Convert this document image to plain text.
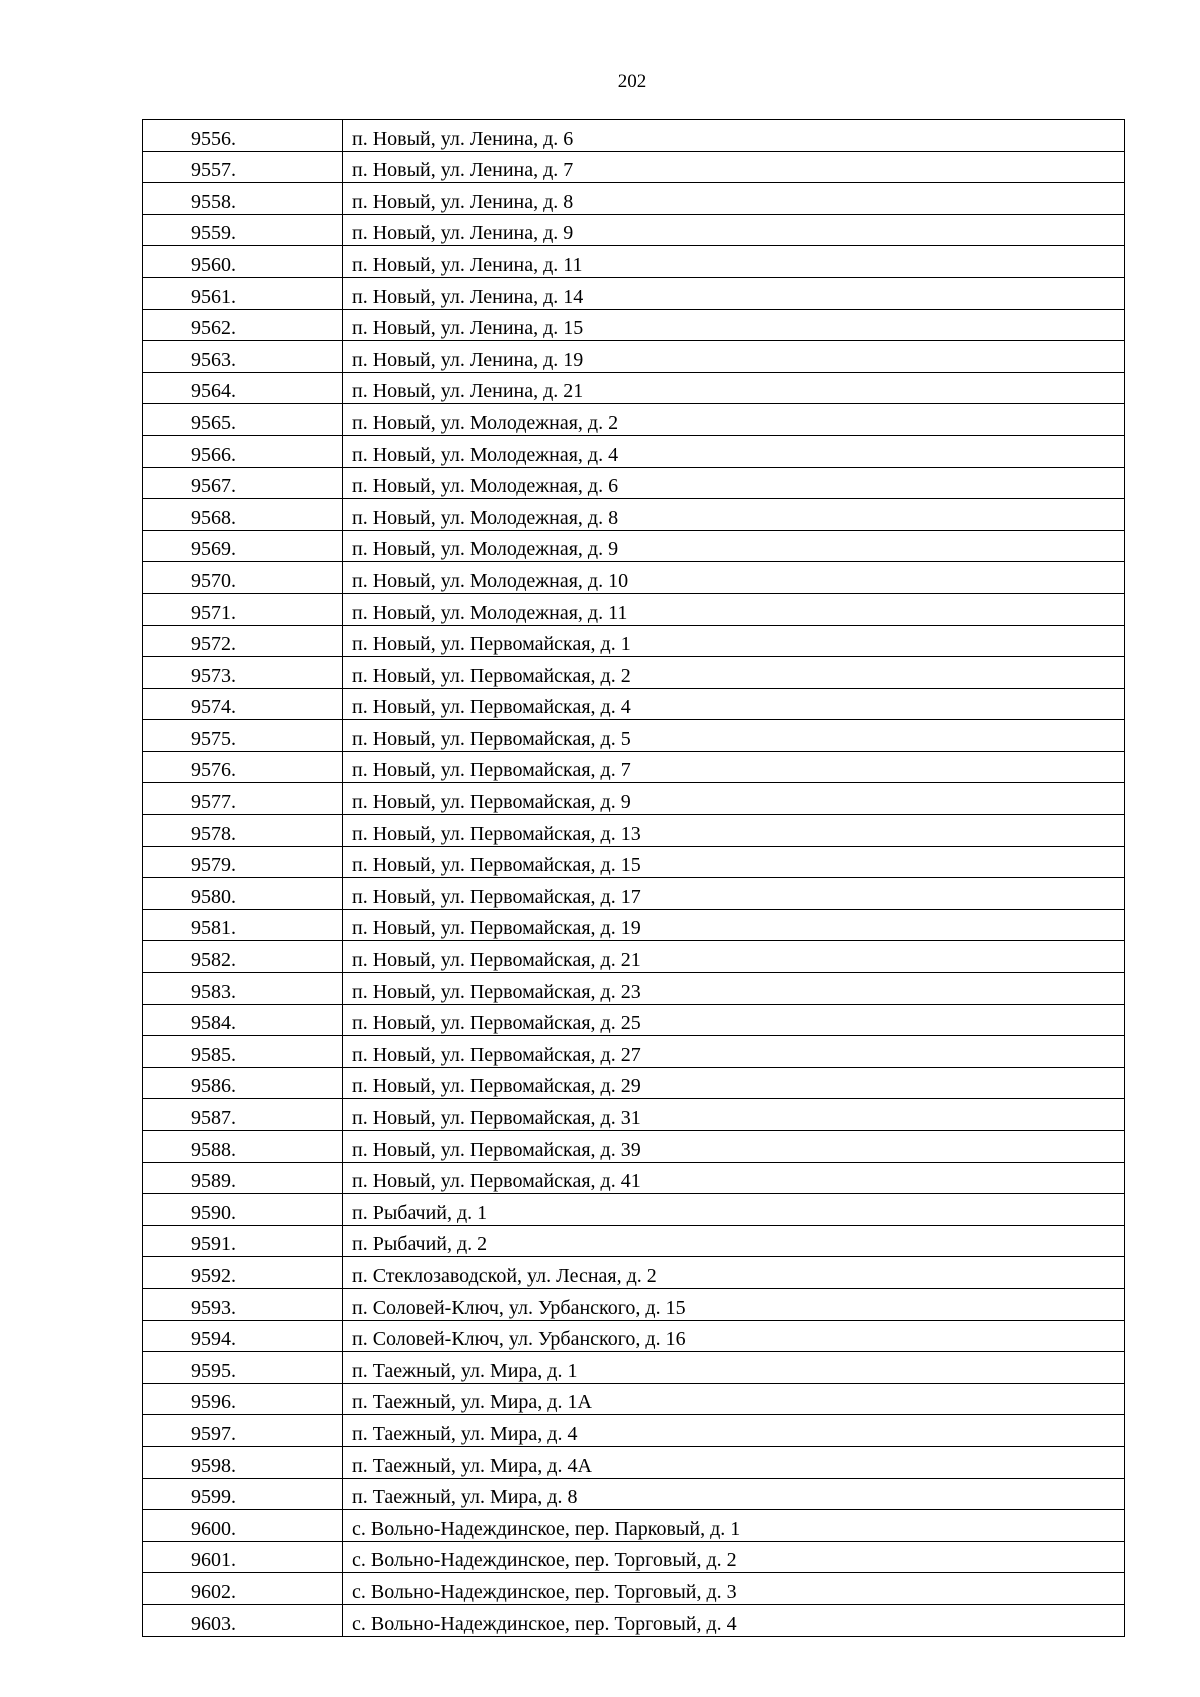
202
9556.	п. Новый, ул. Ленина, д. 6
9557.	п. Новый, ул. Ленина, д. 7
9558.	п. Новый, ул. Ленина, д. 8
9559.	п. Новый, ул. Ленина, д. 9
9560.	п. Новый, ул. Ленина, д. 11
9561.	п. Новый, ул. Ленина, д. 14
9562.	п. Новый, ул. Ленина, д. 15
9563.	п. Новый, ул. Ленина, д. 19
9564.	п. Новый, ул. Ленина, д. 21
9565.	п. Новый, ул. Молодежная, д. 2
9566.	п. Новый, ул. Молодежная, д. 4
9567.	п. Новый, ул. Молодежная, д. 6
9568.	п. Новый, ул. Молодежная, д. 8
9569.	п. Новый, ул. Молодежная, д. 9
9570.	п. Новый, ул. Молодежная, д. 10
9571.	п. Новый, ул. Молодежная, д. 11
9572.	п. Новый, ул. Первомайская, д. 1
9573.	п. Новый, ул. Первомайская, д. 2
9574.	п. Новый, ул. Первомайская, д. 4
9575.	п. Новый, ул. Первомайская, д. 5
9576.	п. Новый, ул. Первомайская, д. 7
9577.	п. Новый, ул. Первомайская, д. 9
9578.	п. Новый, ул. Первомайская, д. 13
9579.	п. Новый, ул. Первомайская, д. 15
9580.	п. Новый, ул. Первомайская, д. 17
9581.	п. Новый, ул. Первомайская, д. 19
9582.	п. Новый, ул. Первомайская, д. 21
9583.	п. Новый, ул. Первомайская, д. 23
9584.	п. Новый, ул. Первомайская, д. 25
9585.	п. Новый, ул. Первомайская, д. 27
9586.	п. Новый, ул. Первомайская, д. 29
9587.	п. Новый, ул. Первомайская, д. 31
9588.	п. Новый, ул. Первомайская, д. 39
9589.	п. Новый, ул. Первомайская, д. 41
9590.	п. Рыбачий, д. 1
9591.	п. Рыбачий, д. 2
9592.	п. Стеклозаводской, ул. Лесная, д. 2
9593.	п. Соловей-Ключ, ул. Урбанского, д. 15
9594.	п. Соловей-Ключ, ул. Урбанского, д. 16
9595.	п. Таежный, ул. Мира, д. 1
9596.	п. Таежный, ул. Мира, д. 1А
9597.	п. Таежный, ул. Мира, д. 4
9598.	п. Таежный, ул. Мира, д. 4А
9599.	п. Таежный, ул. Мира, д. 8
9600.	с. Вольно-Надеждинское, пер. Парковый, д. 1
9601.	с. Вольно-Надеждинское, пер. Торговый, д. 2
9602.	с. Вольно-Надеждинское, пер. Торговый, д. 3
9603.	с. Вольно-Надеждинское, пер. Торговый, д. 4
